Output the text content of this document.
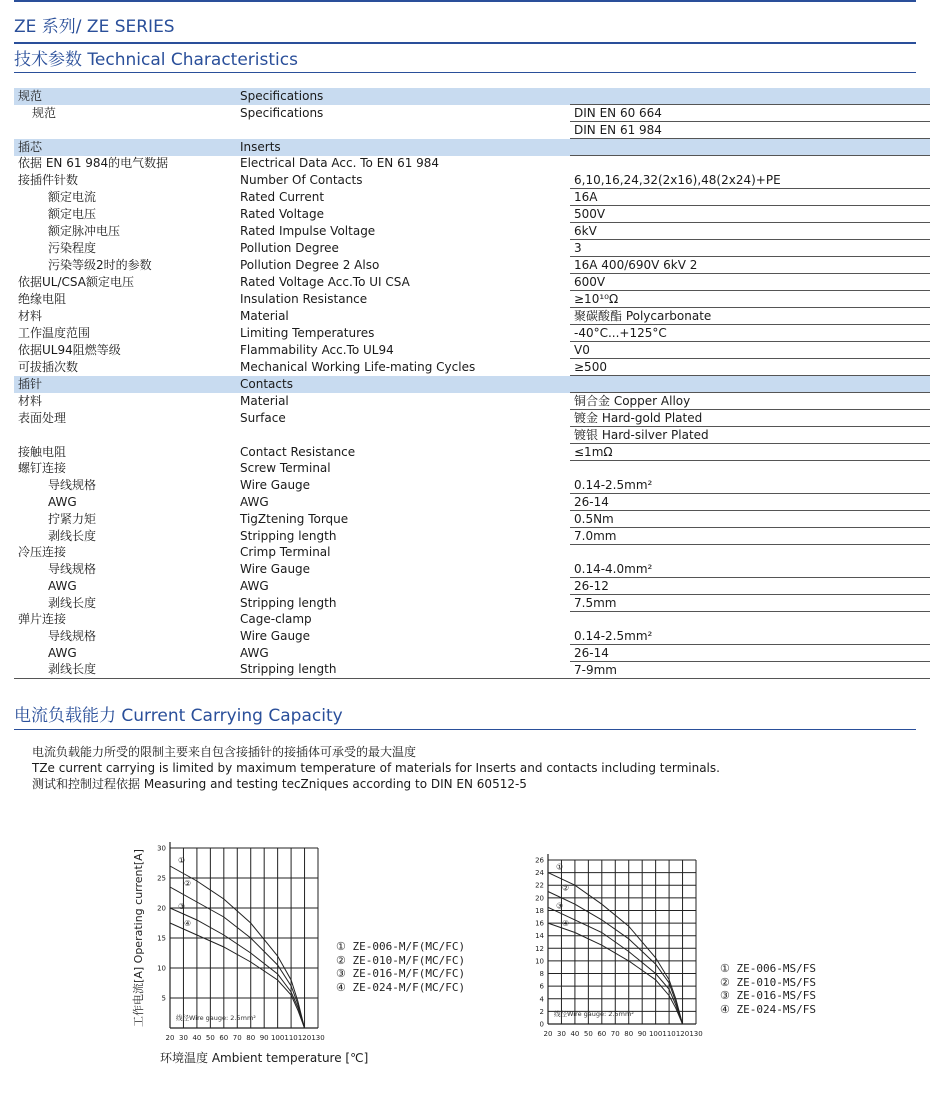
ZE 系列/ ZE SERIES
技术参数 Technical Characteristics
规范	Specifications	
规范	Specifications	DIN EN 60 664
		DIN EN 61 984
插芯	Inserts	
依据 EN 61 984的电气数据	Electrical Data Acc. To EN 61 984	
接插件针数	Number Of Contacts	6,10,16,24,32(2x16),48(2x24)+PE
额定电流	Rated Current	16A
额定电压	Rated Voltage	500V
额定脉冲电压	Rated Impulse Voltage	6kV
污染程度	Pollution Degree	3
污染等级2时的参数	Pollution Degree 2 Also	16A 400/690V 6kV 2
依据UL/CSA额定电压	Rated Voltage Acc.To UI CSA	600V
绝缘电阻	Insulation Resistance	≥10¹⁰Ω
材料	Material	聚碳酸酯 Polycarbonate
工作温度范围	Limiting Temperatures	-40°C...+125°C
依据UL94阻燃等级	Flammability Acc.To UL94	V0
可拔插次数	Mechanical Working Life-mating Cycles	≥500
插针	Contacts	
材料	Material	铜合金 Copper Alloy
表面处理	Surface	镀金 Hard-gold Plated
		镀银 Hard-silver Plated
接触电阻	Contact Resistance	≤1mΩ
螺钉连接	Screw Terminal	
导线规格	Wire Gauge	0.14-2.5mm²
AWG	AWG	26-14
拧紧力矩	TigZtening Torque	0.5Nm
剥线长度	Stripping length	7.0mm
冷压连接	Crimp Terminal	
导线规格	Wire Gauge	0.14-4.0mm²
AWG	AWG	26-12
剥线长度	Stripping length	7.5mm
弹片连接	Cage-clamp	
导线规格	Wire Gauge	0.14-2.5mm²
AWG	AWG	26-14
剥线长度	Stripping length	7-9mm
电流负载能力 Current Carrying Capacity
电流负载能力所受的限制主要来自包含接插针的接插体可承受的最大温度
TZe current carrying is limited by maximum temperature of materials for Inserts and contacts including terminals.
测试和控制过程依据 Measuring and testing tecZniques according to DIN EN 60512-5
20 30 40 50 60 70 80 90 100 110 120 130
5
10
15
20
25
30
①
②
③
④
线径Wire gauge: 2.5mm²
工作电流[A] Operating current[A]	① ZE-006-M/F(MC/FC)
② ZE-010-M/F(MC/FC)
③ ZE-016-M/F(MC/FC)
④ ZE-024-M/F(MC/FC)
20 30 40 50 60 70 80 90 100 110 120 130
0
2
4
6
8
10
12
14
16
18
20
22
24
26
①
②
③
④
线径Wire gauge: 2.5mm²
① ZE-006-MS/FS
② ZE-010-MS/FS
③ ZE-016-MS/FS
④ ZE-024-MS/FS
环境温度 Ambient temperature [℃]
